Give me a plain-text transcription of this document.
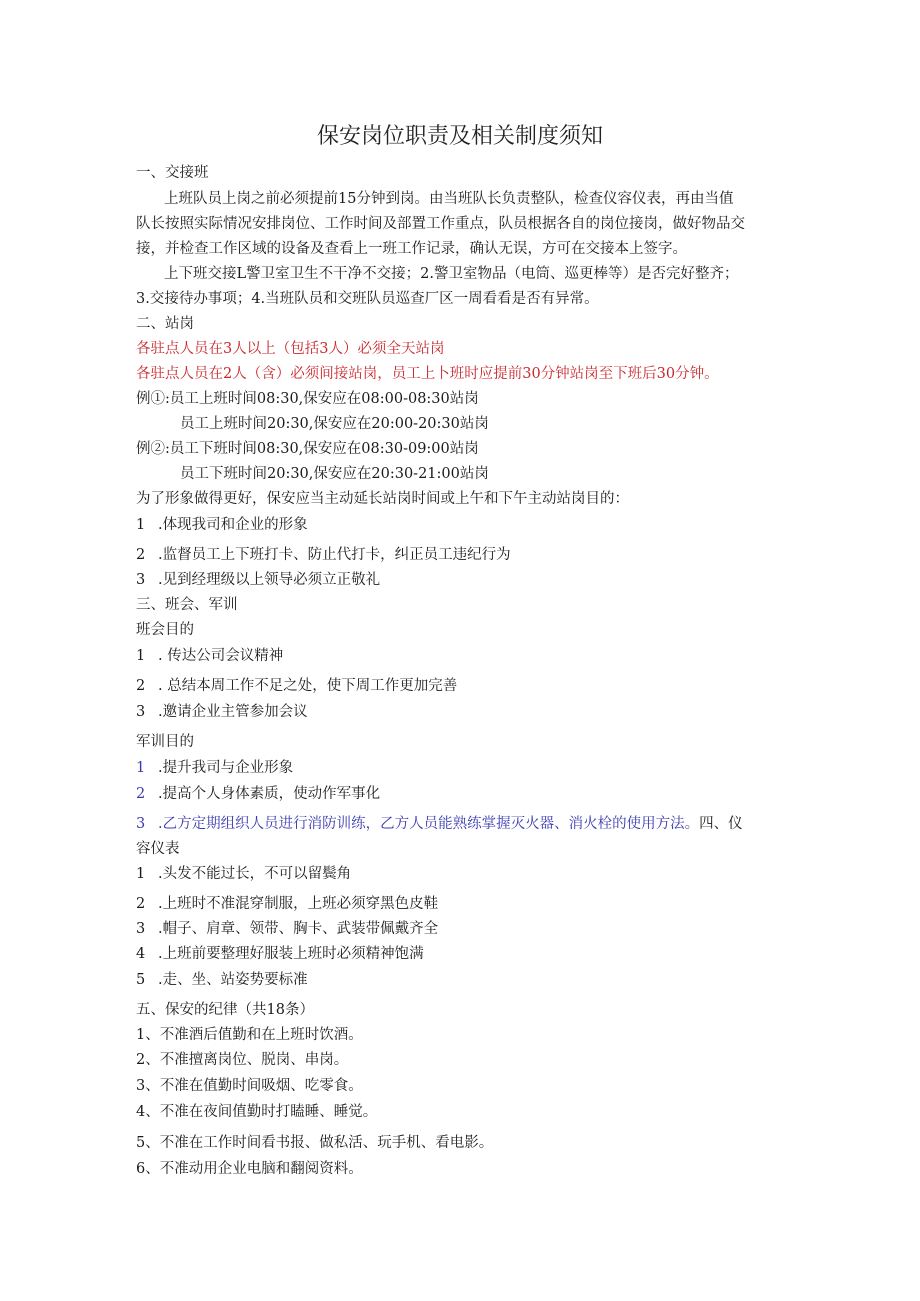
保安岗位职责及相关制度须知
一、交接班
上班队员上岗之前必须提前15分钟到岗。由当班队长负责整队，检查仪容仪表，再由当值
队长按照实际情况安排岗位、工作时间及部置工作重点，队员根据各自的岗位接岗，做好物品交
接，并检查工作区域的设备及查看上一班工作记录，确认无误，方可在交接本上签字。
上下班交接L警卫室卫生不干净不交接；2.警卫室物品（电筒、巡更棒等）是否完好整齐；
3.交接待办事项；4.当班队员和交班队员巡查厂区一周看看是否有异常。
二、站岗
各驻点人员在3人以上（包括3人）必须全天站岗
各驻点人员在2人（含）必须间接站岗，员工上卜班时应提前30分钟站岗至下班后30分钟。
例①:员工上班时间08:30,保安应在08:00-08:30站岗
员工上班时间20:30,保安应在20:00-20:30站岗
例②:员工下班时间08:30,保安应在08:30-09:00站岗
员工下班时间20:30,保安应在20:30-21:00站岗
为了形象做得更好，保安应当主动延长站岗时间或上午和下午主动站岗目的：
1 .体现我司和企业的形象
2 .监督员工上下班打卡、防止代打卡，纠正员工违纪行为
3 .见到经理级以上领导必须立正敬礼
三、班会、军训
班会目的
1 . 传达公司会议精神
2 . 总结本周工作不足之处，使下周工作更加完善
3 .邀请企业主管参加会议
军训目的
1 .提升我司与企业形象
2 .提高个人身体素质，使动作军事化
3 .乙方定期组织人员进行消防训练，乙方人员能熟练掌握灭火器、消火栓的使用方法。四、仪
容仪表
1 .头发不能过长，不可以留鬓角
2 .上班时不准混穿制服，上班必须穿黑色皮鞋
3 .帽子、肩章、领带、胸卡、武装带佩戴齐全
4 .上班前要整理好服装上班时必须精神饱满
5 .走、坐、站姿势要标准
五、保安的纪律（共18条）
1、不准酒后值勤和在上班时饮酒。
2、不准擅离岗位、脱岗、串岗。
3、不准在值勤时间吸烟、吃零食。
4、不准在夜间值勤时打瞌睡、睡觉。
5、不准在工作时间看书报、做私活、玩手机、看电影。
6、不准动用企业电脑和翻阅资料。
